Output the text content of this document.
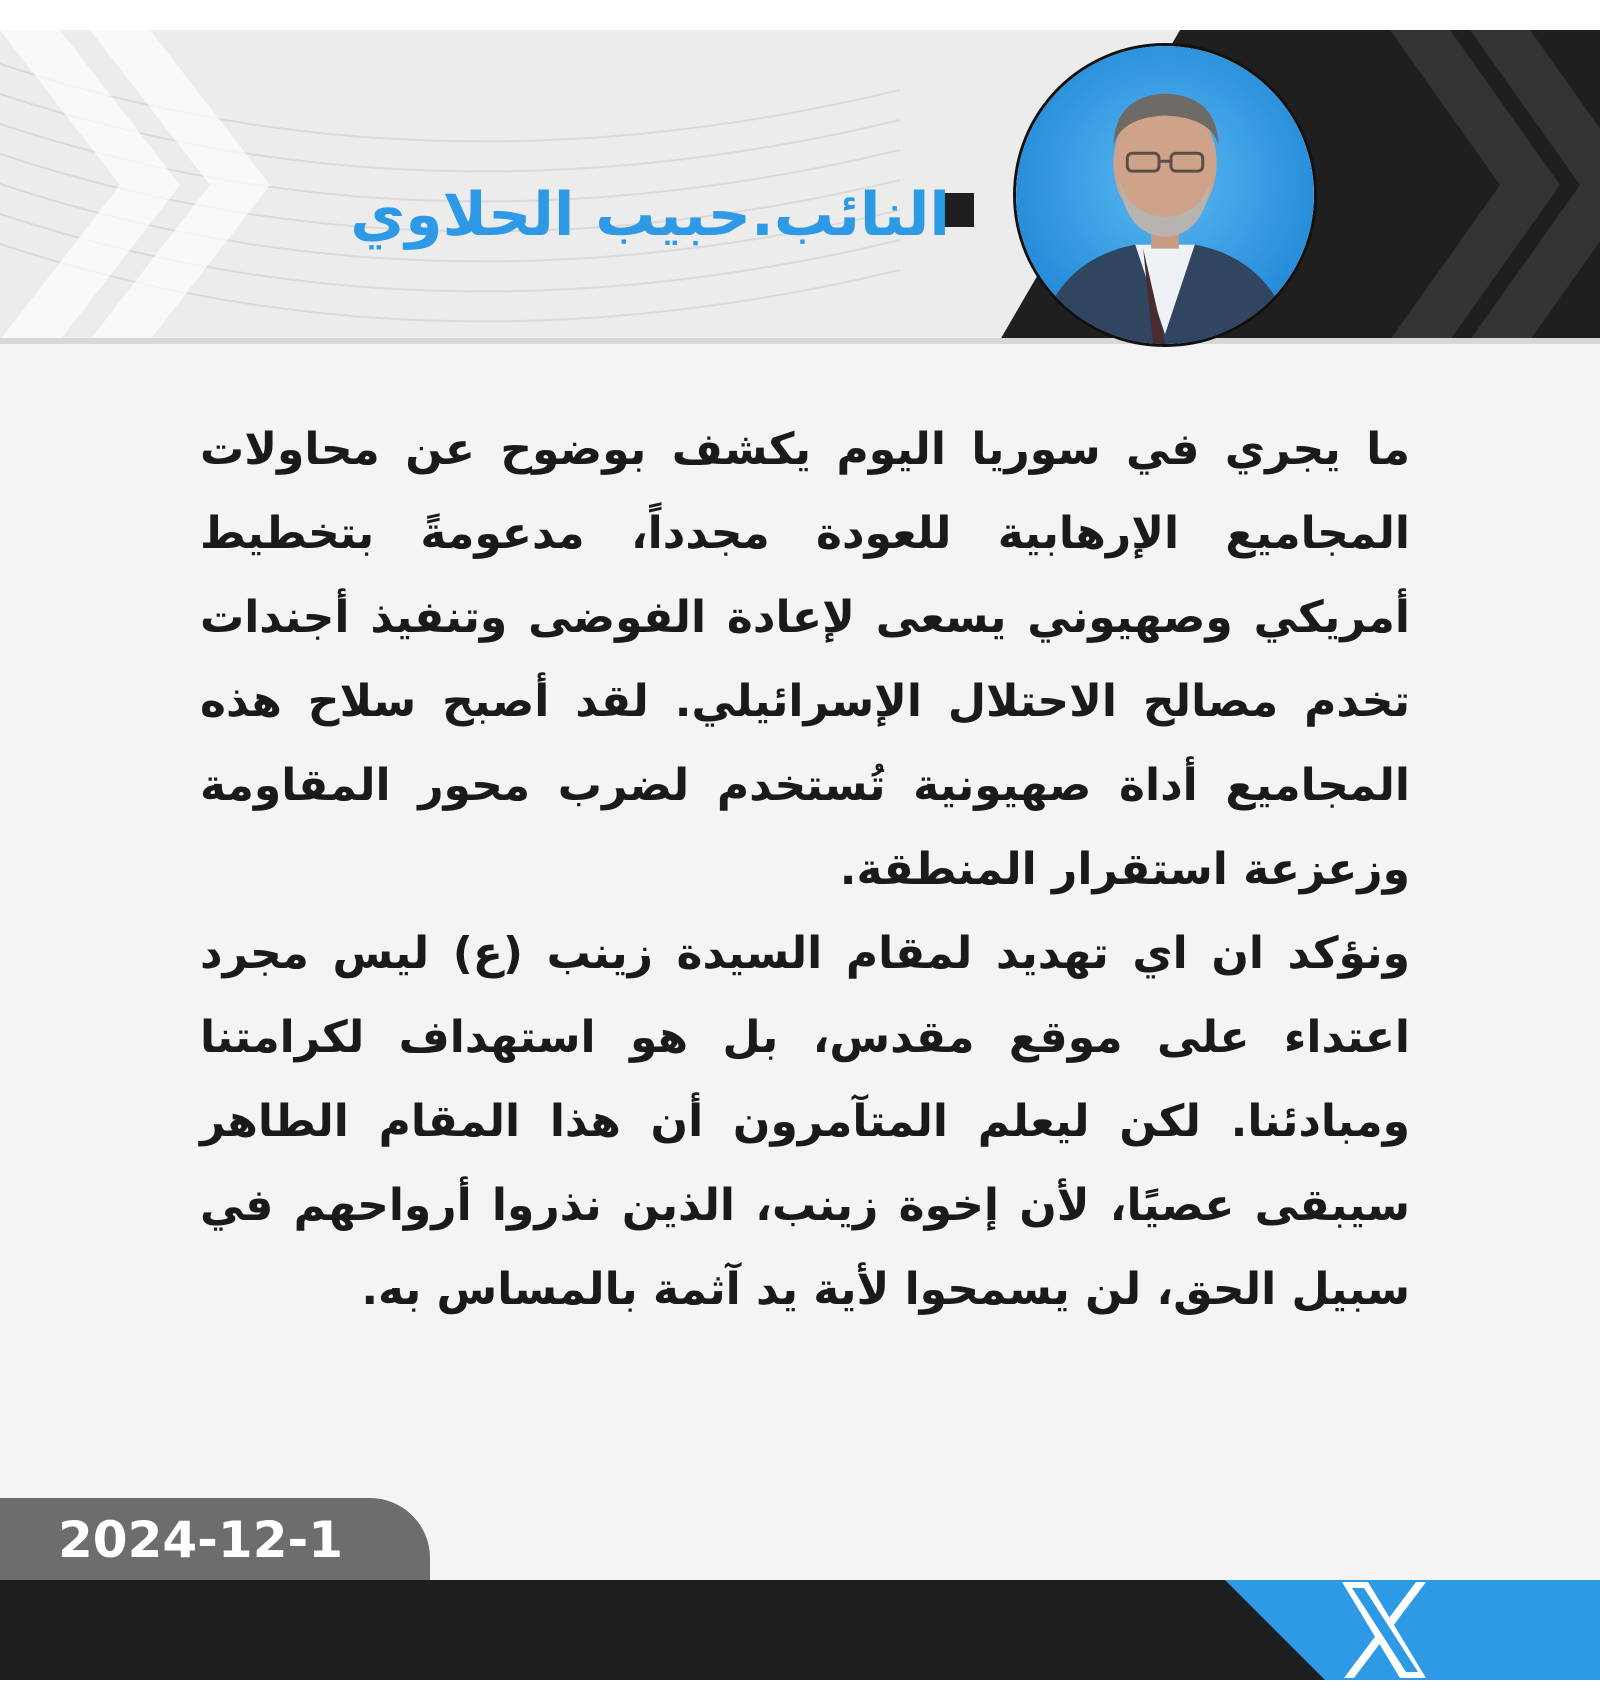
النائب.حبيب الحلاوي

ما يجري في سوريا اليوم يكشف بوضوح عن محاولات المجاميع الإرهابية للعودة مجدداً، مدعومةً بتخطيط أمريكي وصهيوني يسعى لإعادة الفوضى وتنفيذ أجندات تخدم مصالح الاحتلال الإسرائيلي. لقد أصبح سلاح هذه المجاميع أداة صهيونية تُستخدم لضرب محور المقاومة وزعزعة استقرار المنطقة.

ونؤكد ان اي تهديد لمقام السيدة زينب (ع) ليس مجرد اعتداء على موقع مقدس، بل هو استهداف لكرامتنا ومبادئنا. لكن ليعلم المتآمرون أن هذا المقام الطاهر سيبقى عصيًا، لأن إخوة زينب، الذين نذروا أرواحهم في سبيل الحق، لن يسمحوا لأية يد آثمة بالمساس به.

2024-12-1
